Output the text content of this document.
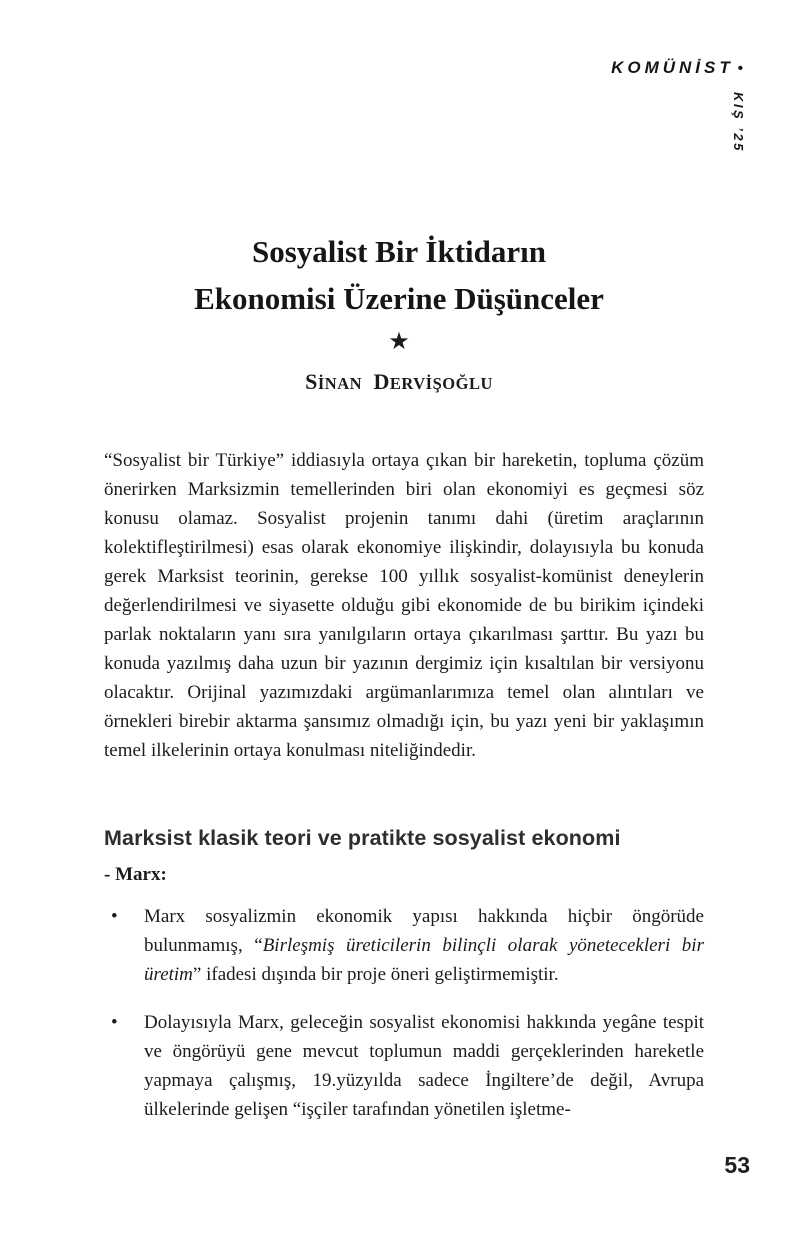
KOMÜNİST •
KIŞ ’25
Sosyalist Bir İktidarın
Ekonomisi Üzerine Düşünceler
★
SİNAN DERVİŞOĞLU

“Sosyalist bir Türkiye” iddiasıyla ortaya çıkan bir hareketin, topluma çözüm önerirken Marksizmin temellerinden biri olan ekonomiyi es geçmesi söz konusu olamaz. Sosyalist projenin tanımı dahi (üretim araçlarının kolektifleştirilmesi) esas olarak ekonomiye ilişkindir, dolayısıyla bu konuda gerek Marksist teorinin, gerekse 100 yıllık sosyalist-komünist deneylerin değerlendirilmesi ve siyasette olduğu gibi ekonomide de bu birikim içindeki parlak noktaların yanı sıra yanılgıların ortaya çıkarılması şarttır. Bu yazı bu konuda yazılmış daha uzun bir yazının dergimiz için kısaltılan bir versiyonu olacaktır. Orijinal yazımızdaki argümanlarımıza temel olan alıntıları ve örnekleri birebir aktarma şansımız olmadığı için, bu yazı yeni bir yaklaşımın temel ilkelerinin ortaya konulması niteliğindedir.

Marksist klasik teori ve pratikte sosyalist ekonomi

- Marx:

• Marx sosyalizmin ekonomik yapısı hakkında hiçbir öngörüde bulunmamış, “Birleşmiş üreticilerin bilinçli olarak yönetecekleri bir üretim” ifadesi dışında bir proje öneri geliştirmemiştir.
• Dolayısıyla Marx, geleceğin sosyalist ekonomisi hakkında yegâne tespit ve öngörüyü gene mevcut toplumun maddi gerçeklerinden hareketle yapmaya çalışmış, 19.yüzyılda sadece İngiltere’de değil, Avrupa ülkelerinde gelişen “işçiler tarafından yönetilen işletme-
53
